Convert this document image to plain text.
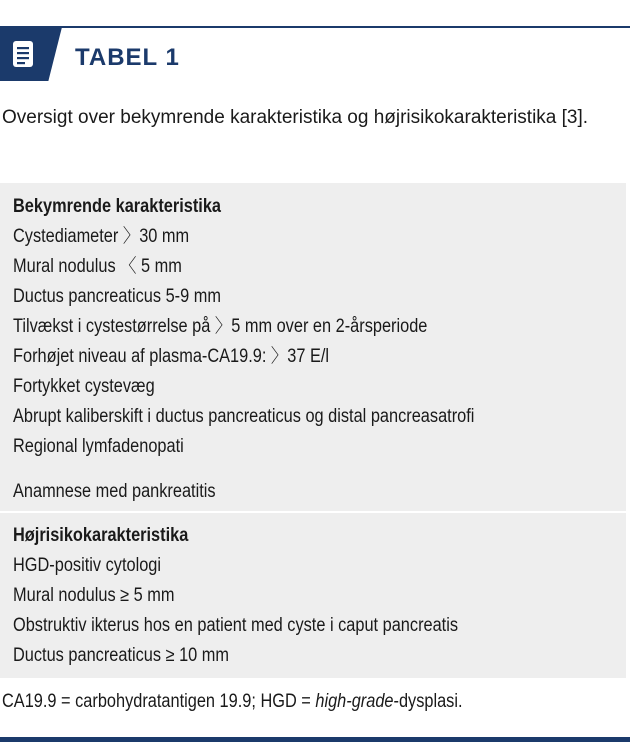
TABEL 1
Oversigt over bekymrende karakteristika og højrisikokarakteristika [3].
Bekymrende karakteristika
Cystediameter 〉30 mm
Mural nodulus 〈 5 mm
Ductus pancreaticus 5-9 mm
Tilvækst i cystestørrelse på 〉5 mm over en 2-årsperiode
Forhøjet niveau af plasma-CA19.9: 〉37 E/l
Fortykket cystevæg
Abrupt kaliberskift i ductus pancreaticus og distal pancreasatrofi
Regional lymfadenopati
Anamnese med pankreatitis
Højrisikokarakteristika
HGD-positiv cytologi
Mural nodulus ≥ 5 mm
Obstruktiv ikterus hos en patient med cyste i caput pancreatis
Ductus pancreaticus ≥ 10 mm
CA19.9 = carbohydratantigen 19.9; HGD = high-grade-dysplasi.
